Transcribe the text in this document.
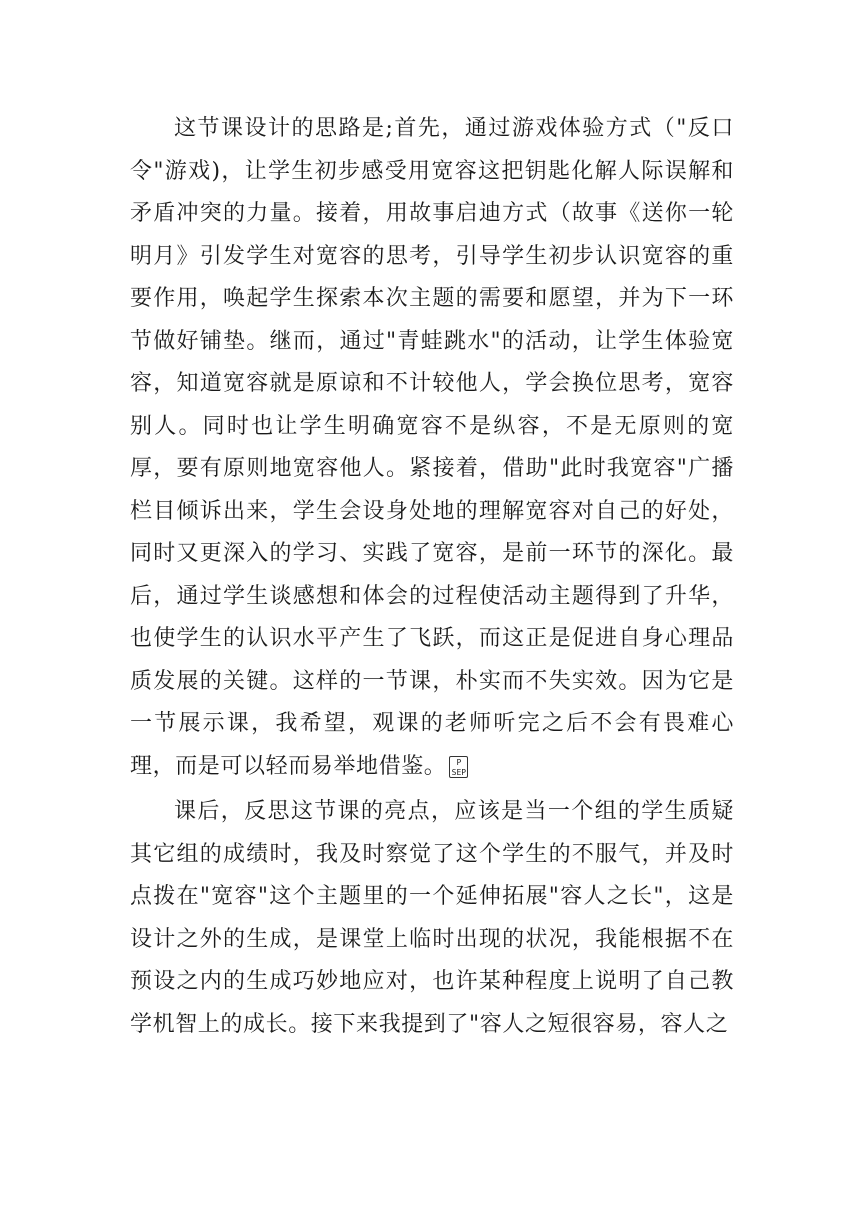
这节课设计的思路是;首先，通过游戏体验方式（"反口令"游戏)，让学生初步感受用宽容这把钥匙化解人际误解和矛盾冲突的力量。接着，用故事启迪方式（故事《送你一轮明月》引发学生对宽容的思考，引导学生初步认识宽容的重要作用，唤起学生探索本次主题的需要和愿望，并为下一环节做好铺垫。继而，通过"青蛙跳水"的活动，让学生体验宽容，知道宽容就是原谅和不计较他人，学会换位思考，宽容别人。同时也让学生明确宽容不是纵容，不是无原则的宽厚，要有原则地宽容他人。紧接着，借助"此时我宽容"广播栏目倾诉出来，学生会设身处地的理解宽容对自己的好处，同时又更深入的学习、实践了宽容，是前一环节的深化。最后，通过学生谈感想和体会的过程使活动主题得到了升华，也使学生的认识水平产生了飞跃，而这正是促进自身心理品质发展的关键。这样的一节课，朴实而不失实效。因为它是一节展示课，我希望，观课的老师听完之后不会有畏难心理，而是可以轻而易举地借鉴。 P SEP

课后，反思这节课的亮点，应该是当一个组的学生质疑其它组的成绩时，我及时察觉了这个学生的不服气，并及时点拨在"宽容"这个主题里的一个延伸拓展"容人之长"，这是设计之外的生成，是课堂上临时出现的状况，我能根据不在预设之内的生成巧妙地应对，也许某种程度上说明了自己教学机智上的成长。接下来我提到了"容人之短很容易，容人之
